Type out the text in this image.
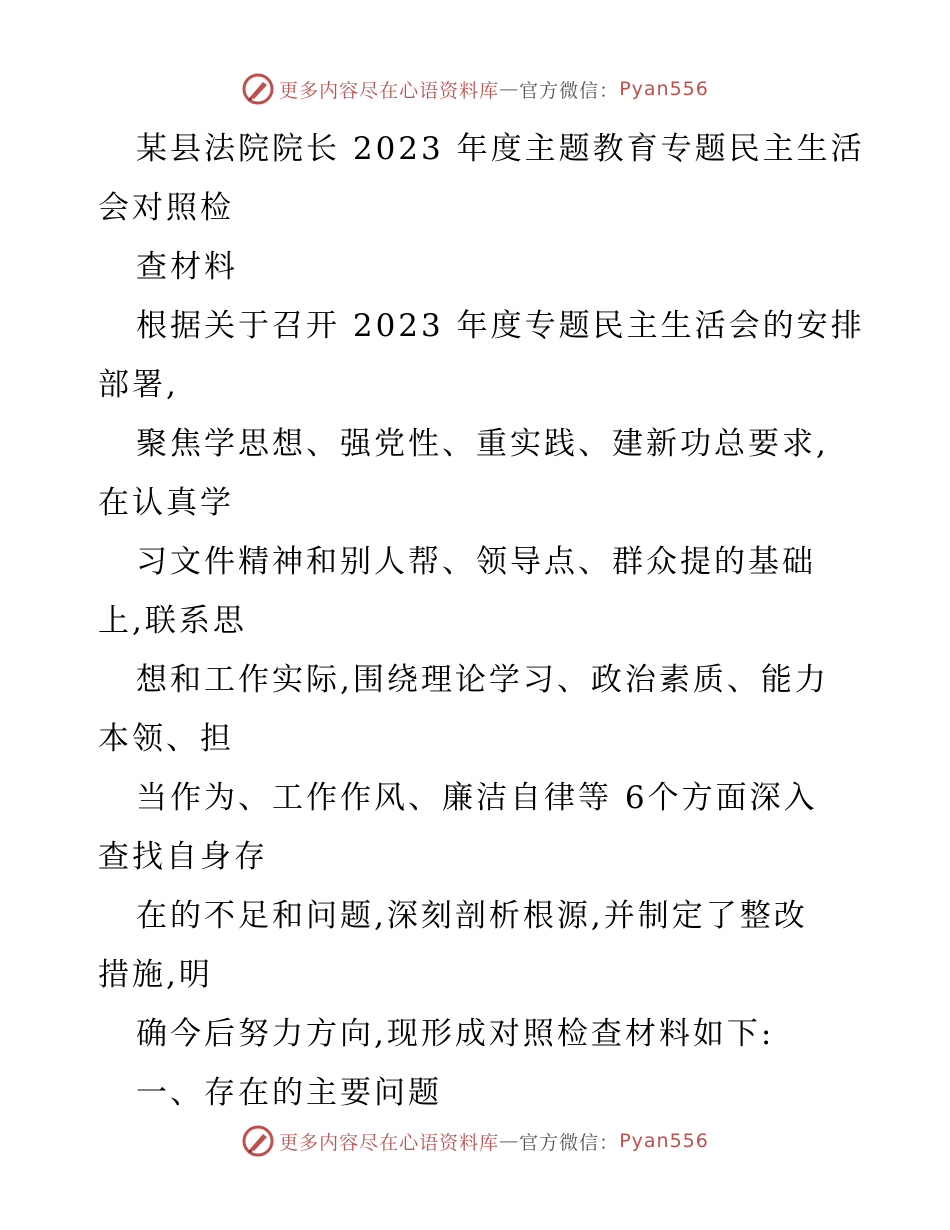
更多内容尽在心语资料库 — 官方微信： Pyan556
某县法院院长 2023 年度主题教育专题民主生活
会对照检
查材料
根据关于召开 2023 年度专题民主生活会的安排
部署,
聚焦学思想、强党性、重实践、建新功总要求,
在认真学
习文件精神和别人帮、领导点、群众提的基础
上,联系思
想和工作实际,围绕理论学习、政治素质、能力
本领、担
当作为、工作作风、廉洁自律等 6个方面深入
查找自身存
在的不足和问题,深刻剖析根源,并制定了整改
措施,明
确今后努力方向,现形成对照检查材料如下:
一、存在的主要问题
更多内容尽在心语资料库 — 官方微信： Pyan556
